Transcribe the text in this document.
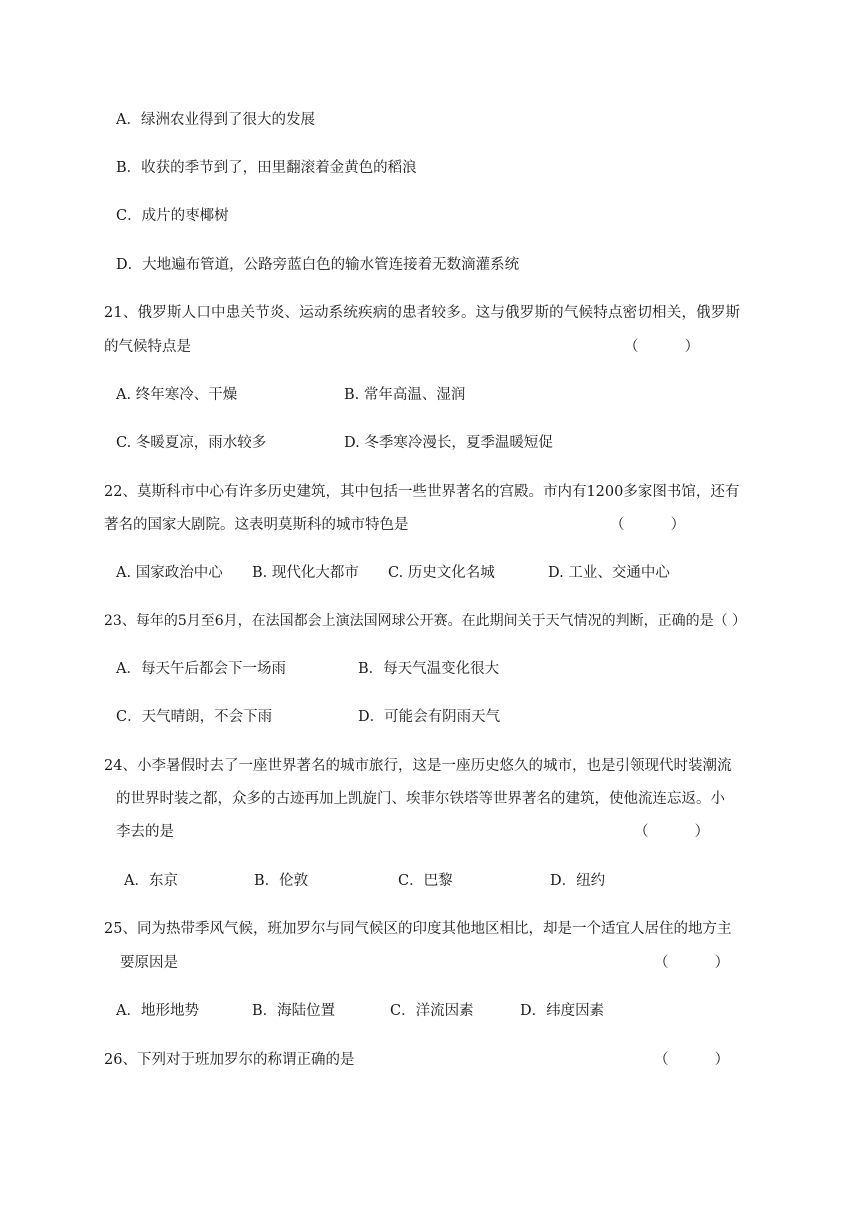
A．绿洲农业得到了很大的发展
B．收获的季节到了，田里翻滚着金黄色的稻浪
C．成片的枣椰树
D．大地遍布管道，公路旁蓝白色的输水管连接着无数滴灌系统
21、俄罗斯人口中患关节炎、运动系统疾病的患者较多。这与俄罗斯的气候特点密切相关，俄罗斯
的气候特点是	（          ）
A. 终年寒冷、干燥	B. 常年高温、湿润
C. 冬暖夏凉，雨水较多	D. 冬季寒冷漫长，夏季温暖短促
22、莫斯科市中心有许多历史建筑，其中包括一些世界著名的宫殿。市内有1200多家图书馆，还有
著名的国家大剧院。这表明莫斯科的城市特色是	（          ）
A. 国家政治中心 B. 现代化大都市 C. 历史文化名城	D. 工业、交通中心
23、每年的5月至6月，在法国都会上演法国网球公开赛。在此期间关于天气情况的判断，正确的是（ ）
A．每天午后都会下一场雨	B．每天气温变化很大
C．天气晴朗，不会下雨	D．可能会有阴雨天气
24、小李暑假时去了一座世界著名的城市旅行，这是一座历史悠久的城市，也是引领现代时装潮流
的世界时装之都，众多的古迹再加上凯旋门、埃菲尔铁塔等世界著名的建筑，使他流连忘返。小
李去的是	（          ）
A．东京	B．伦敦	C．巴黎	D．纽约
25、同为热带季风气候，班加罗尔与同气候区的印度其他地区相比，却是一个适宜人居住的地方主
要原因是	（          ）
A．地形地势	B．海陆位置	C．洋流因素	D．纬度因素
26、下列对于班加罗尔的称谓正确的是	（          ）
